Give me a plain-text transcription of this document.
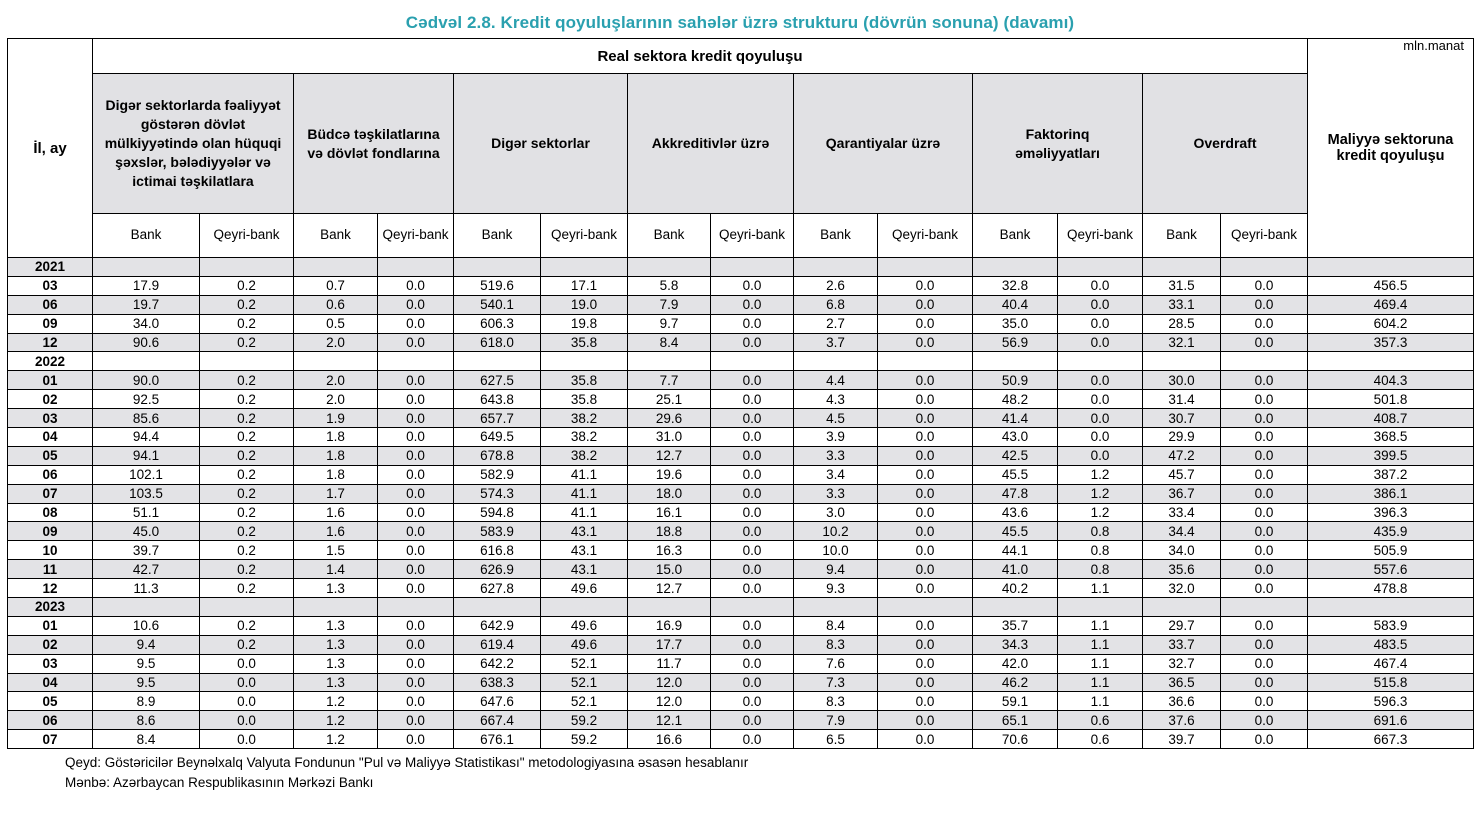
Cədvəl 2.8. Kredit qoyuluşlarının sahələr üzrə strukturu (dövrün sonuna) (davamı)
mln.manat
İl, ay	Real sektora kredit qoyuluşu														Maliyyə sektoruna kredit qoyuluşu
	Digər sektorlarda fəaliyyət göstərən dövlət mülkiyyətində olan hüquqi şəxslər, bələdiyyələr və ictimai təşkilatlara		Büdcə təşkilatlarına və dövlət fondlarına		Digər sektorlar		Akkreditivlər üzrə		Qarantiyalar üzrə		Faktorinq əməliyyatları		Overdraft		
	Bank	Qeyri-bank	Bank	Qeyri-bank	Bank	Qeyri-bank	Bank	Qeyri-bank	Bank	Qeyri-bank	Bank	Qeyri-bank	Bank	Qeyri-bank	
2021															
03	17.9	0.2	0.7	0.0	519.6	17.1	5.8	0.0	2.6	0.0	32.8	0.0	31.5	0.0	456.5
06	19.7	0.2	0.6	0.0	540.1	19.0	7.9	0.0	6.8	0.0	40.4	0.0	33.1	0.0	469.4
09	34.0	0.2	0.5	0.0	606.3	19.8	9.7	0.0	2.7	0.0	35.0	0.0	28.5	0.0	604.2
12	90.6	0.2	2.0	0.0	618.0	35.8	8.4	0.0	3.7	0.0	56.9	0.0	32.1	0.0	357.3
2022															
01	90.0	0.2	2.0	0.0	627.5	35.8	7.7	0.0	4.4	0.0	50.9	0.0	30.0	0.0	404.3
02	92.5	0.2	2.0	0.0	643.8	35.8	25.1	0.0	4.3	0.0	48.2	0.0	31.4	0.0	501.8
03	85.6	0.2	1.9	0.0	657.7	38.2	29.6	0.0	4.5	0.0	41.4	0.0	30.7	0.0	408.7
04	94.4	0.2	1.8	0.0	649.5	38.2	31.0	0.0	3.9	0.0	43.0	0.0	29.9	0.0	368.5
05	94.1	0.2	1.8	0.0	678.8	38.2	12.7	0.0	3.3	0.0	42.5	0.0	47.2	0.0	399.5
06	102.1	0.2	1.8	0.0	582.9	41.1	19.6	0.0	3.4	0.0	45.5	1.2	45.7	0.0	387.2
07	103.5	0.2	1.7	0.0	574.3	41.1	18.0	0.0	3.3	0.0	47.8	1.2	36.7	0.0	386.1
08	51.1	0.2	1.6	0.0	594.8	41.1	16.1	0.0	3.0	0.0	43.6	1.2	33.4	0.0	396.3
09	45.0	0.2	1.6	0.0	583.9	43.1	18.8	0.0	10.2	0.0	45.5	0.8	34.4	0.0	435.9
10	39.7	0.2	1.5	0.0	616.8	43.1	16.3	0.0	10.0	0.0	44.1	0.8	34.0	0.0	505.9
11	42.7	0.2	1.4	0.0	626.9	43.1	15.0	0.0	9.4	0.0	41.0	0.8	35.6	0.0	557.6
12	11.3	0.2	1.3	0.0	627.8	49.6	12.7	0.0	9.3	0.0	40.2	1.1	32.0	0.0	478.8
2023															
01	10.6	0.2	1.3	0.0	642.9	49.6	16.9	0.0	8.4	0.0	35.7	1.1	29.7	0.0	583.9
02	9.4	0.2	1.3	0.0	619.4	49.6	17.7	0.0	8.3	0.0	34.3	1.1	33.7	0.0	483.5
03	9.5	0.0	1.3	0.0	642.2	52.1	11.7	0.0	7.6	0.0	42.0	1.1	32.7	0.0	467.4
04	9.5	0.0	1.3	0.0	638.3	52.1	12.0	0.0	7.3	0.0	46.2	1.1	36.5	0.0	515.8
05	8.9	0.0	1.2	0.0	647.6	52.1	12.0	0.0	8.3	0.0	59.1	1.1	36.6	0.0	596.3
06	8.6	0.0	1.2	0.0	667.4	59.2	12.1	0.0	7.9	0.0	65.1	0.6	37.6	0.0	691.6
07	8.4	0.0	1.2	0.0	676.1	59.2	16.6	0.0	6.5	0.0	70.6	0.6	39.7	0.0	667.3
Qeyd: Göstəricilər Beynəlxalq Valyuta Fondunun "Pul və Maliyyə Statistikası" metodologiyasına əsasən hesablanır
Mənbə: Azərbaycan Respublikasının Mərkəzi Bankı
